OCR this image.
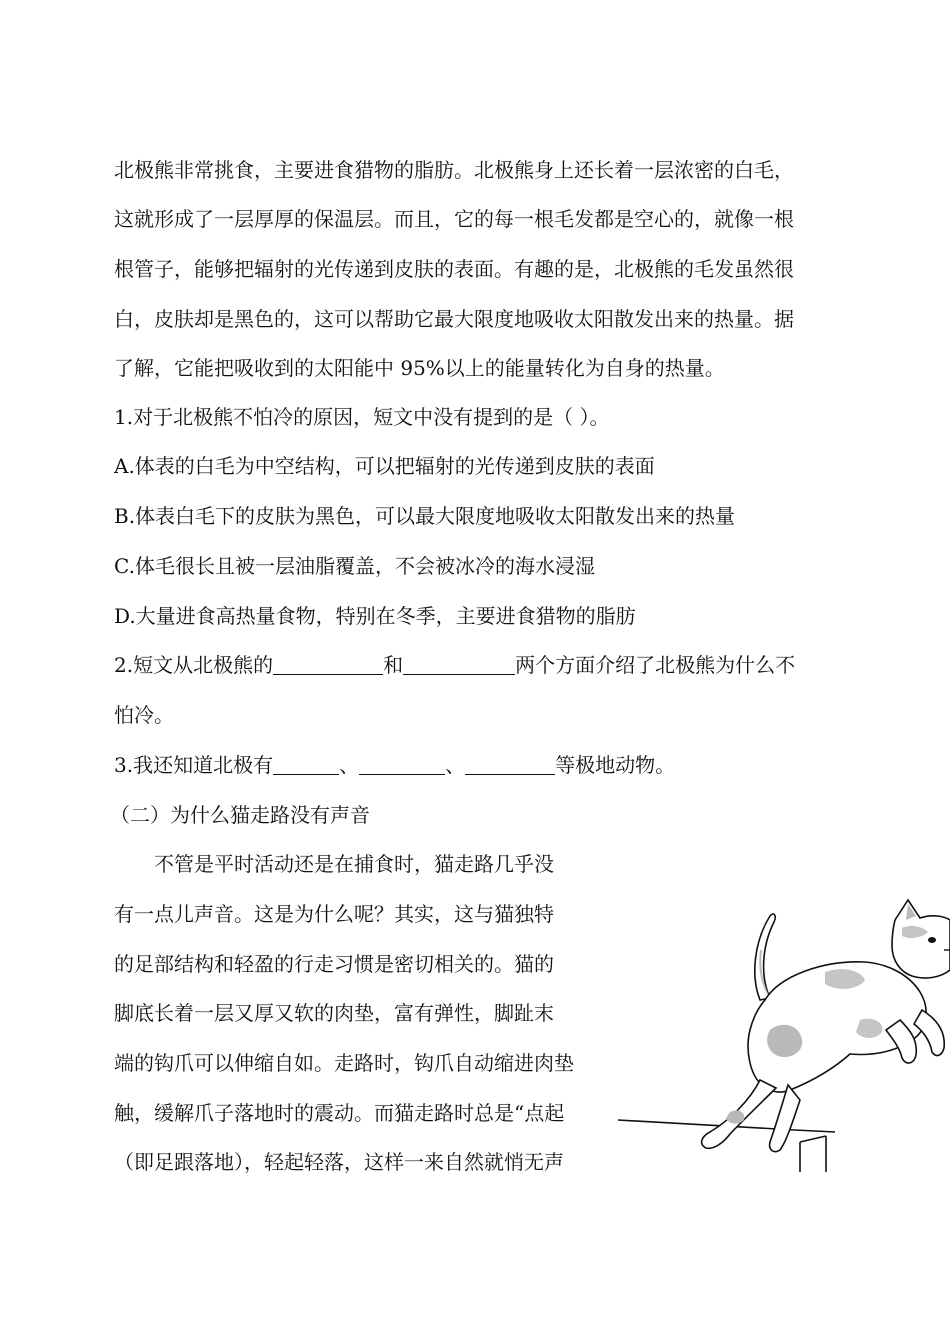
北极熊非常挑食，主要进食猎物的脂肪。北极熊身上还长着一层浓密的白毛，
这就形成了一层厚厚的保温层。而且，它的每一根毛发都是空心的，就像一根
根管子，能够把辐射的光传递到皮肤的表面。有趣的是，北极熊的毛发虽然很
白，皮肤却是黑色的，这可以帮助它最大限度地吸收太阳散发出来的热量。据
了解，它能把吸收到的太阳能中 95%以上的能量转化为自身的热量。
1.对于北极熊不怕冷的原因，短文中没有提到的是（ ）。
A.体表的白毛为中空结构，可以把辐射的光传递到皮肤的表面
B.体表白毛下的皮肤为黑色，可以最大限度地吸收太阳散发出来的热量
C.体毛很长且被一层油脂覆盖，不会被冰冷的海水浸湿
D.大量进食高热量食物，特别在冬季，主要进食猎物的脂肪
2.短文从北极熊的	和	两个方面介绍了北极熊为什么不
怕冷。
3.我还知道北极有	、	、	等极地动物。
（二）为什么猫走路没有声音
　　不管是平时活动还是在捕食时，猫走路几乎没
有一点儿声音。这是为什么呢？其实，这与猫独特
的足部结构和轻盈的行走习惯是密切相关的。猫的
脚底长着一层又厚又软的肉垫，富有弹性，脚趾末
端的钩爪可以伸缩自如。走路时，钩爪自动缩进肉垫
触，缓解爪子落地时的震动。而猫走路时总是“点起
（即足跟落地），轻起轻落，这样一来自然就悄无声
